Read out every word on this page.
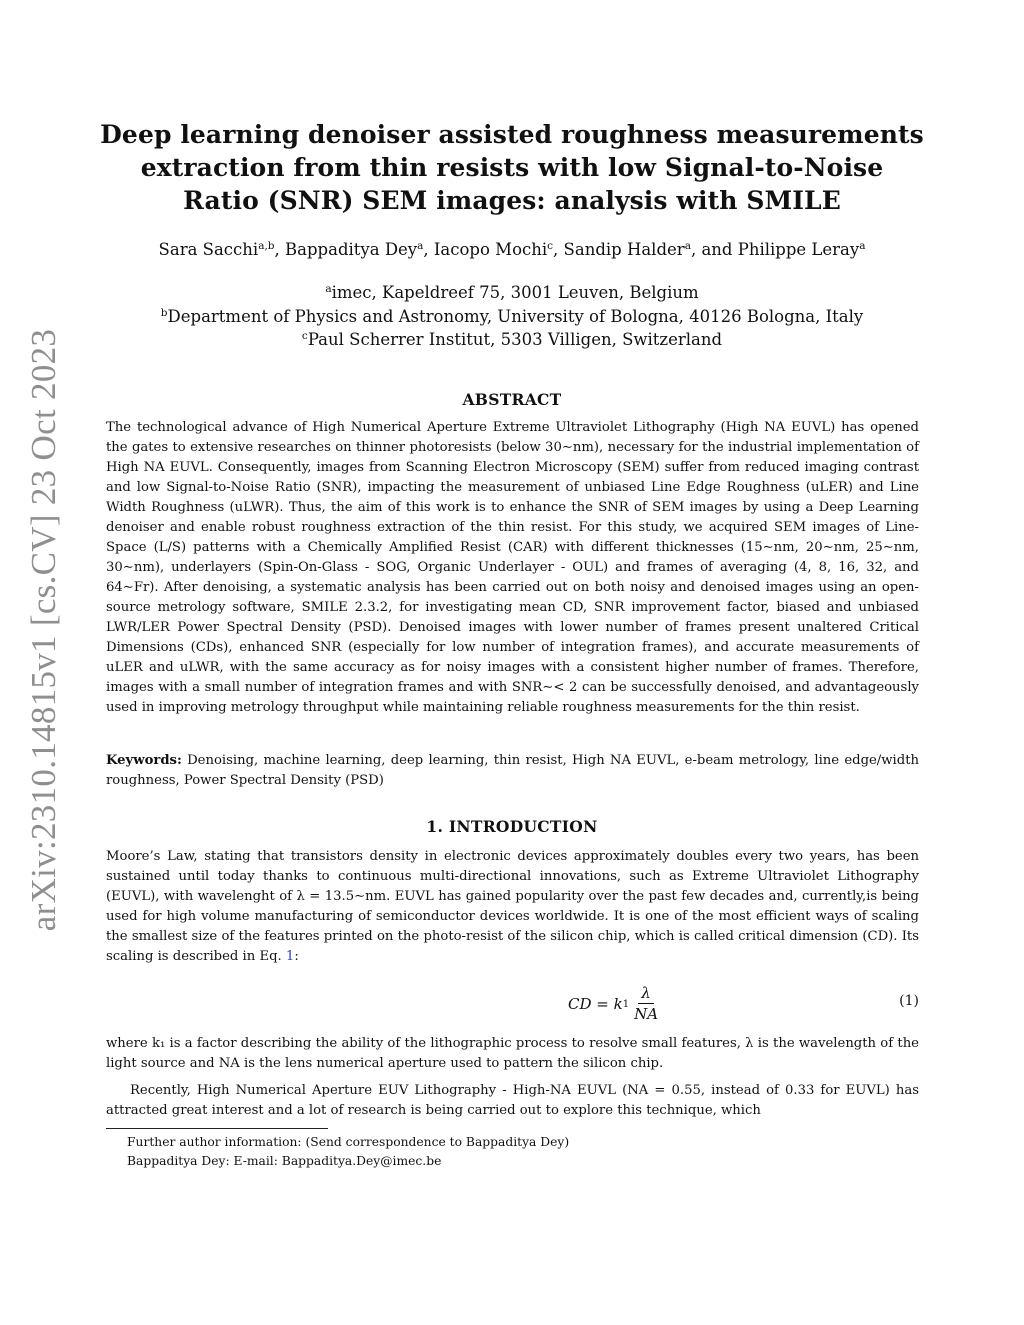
arXiv:2310.14815v1 [cs.CV] 23 Oct 2023
Deep learning denoiser assisted roughness measurements extraction from thin resists with low Signal-to-Noise Ratio (SNR) SEM images: analysis with SMILE
Sara Sacchi$^{a,b}$, Bappaditya Dey$^a$, Iacopo Mochi$^c$, Sandip Halder$^a$, and Philippe Leray$^a$
$^a$imec, Kapeldreef 75, 3001 Leuven, Belgium
$^b$Department of Physics and Astronomy, University of Bologna, 40126 Bologna, Italy
$^c$Paul Scherrer Institut, 5303 Villigen, Switzerland
ABSTRACT
The technological advance of High Numerical Aperture Extreme Ultraviolet Lithography (High NA EUVL) has opened the gates to extensive researches on thinner photoresists (below 30∼nm), necessary for the industrial implementation of High NA EUVL. Consequently, images from Scanning Electron Microscopy (SEM) suffer from reduced imaging contrast and low Signal-to-Noise Ratio (SNR), impacting the measurement of unbiased Line Edge Roughness (uLER) and Line Width Roughness (uLWR). Thus, the aim of this work is to enhance the SNR of SEM images by using a Deep Learning denoiser and enable robust roughness extraction of the thin resist. For this study, we acquired SEM images of Line-Space (L/S) patterns with a Chemically Amplified Resist (CAR) with different thicknesses (15∼nm, 20∼nm, 25∼nm, 30∼nm), underlayers (Spin-On-Glass - SOG, Organic Underlayer - OUL) and frames of averaging (4, 8, 16, 32, and 64∼Fr). After denoising, a systematic analysis has been carried out on both noisy and denoised images using an open-source metrology software, SMILE 2.3.2, for investigating mean CD, SNR improvement factor, biased and unbiased LWR/LER Power Spectral Density (PSD). Denoised images with lower number of frames present unaltered Critical Dimensions (CDs), enhanced SNR (especially for low number of integration frames), and accurate measurements of uLER and uLWR, with the same accuracy as for noisy images with a consistent higher number of frames. Therefore, images with a small number of integration frames and with SNR∼< 2 can be successfully denoised, and advantageously used in improving metrology throughput while maintaining reliable roughness measurements for the thin resist.
Keywords: Denoising, machine learning, deep learning, thin resist, High NA EUVL, e-beam metrology, line edge/width roughness, Power Spectral Density (PSD)
1. INTRODUCTION
Moore’s Law, stating that transistors density in electronic devices approximately doubles every two years, has been sustained until today thanks to continuous multi-directional innovations, such as Extreme Ultraviolet Lithography (EUVL), with wavelenght of λ = 13.5∼nm. EUVL has gained popularity over the past few decades and, currently,is being used for high volume manufacturing of semiconductor devices worldwide. It is one of the most efficient ways of scaling the smallest size of the features printed on the photo-resist of the silicon chip, which is called critical dimension (CD). Its scaling is described in Eq. 1:
CD = k $1 \frac{\lambda}{NA}$	(1)
where k₁ is a factor describing the ability of the lithographic process to resolve small features, λ is the wavelength of the light source and NA is the lens numerical aperture used to pattern the silicon chip.
Recently, High Numerical Aperture EUV Lithography - High-NA EUVL (NA = 0.55, instead of 0.33 for EUVL) has attracted great interest and a lot of research is being carried out to explore this technique, which
Further author information: (Send correspondence to Bappaditya Dey)
Bappaditya Dey: E-mail: Bappaditya.Dey@imec.be
